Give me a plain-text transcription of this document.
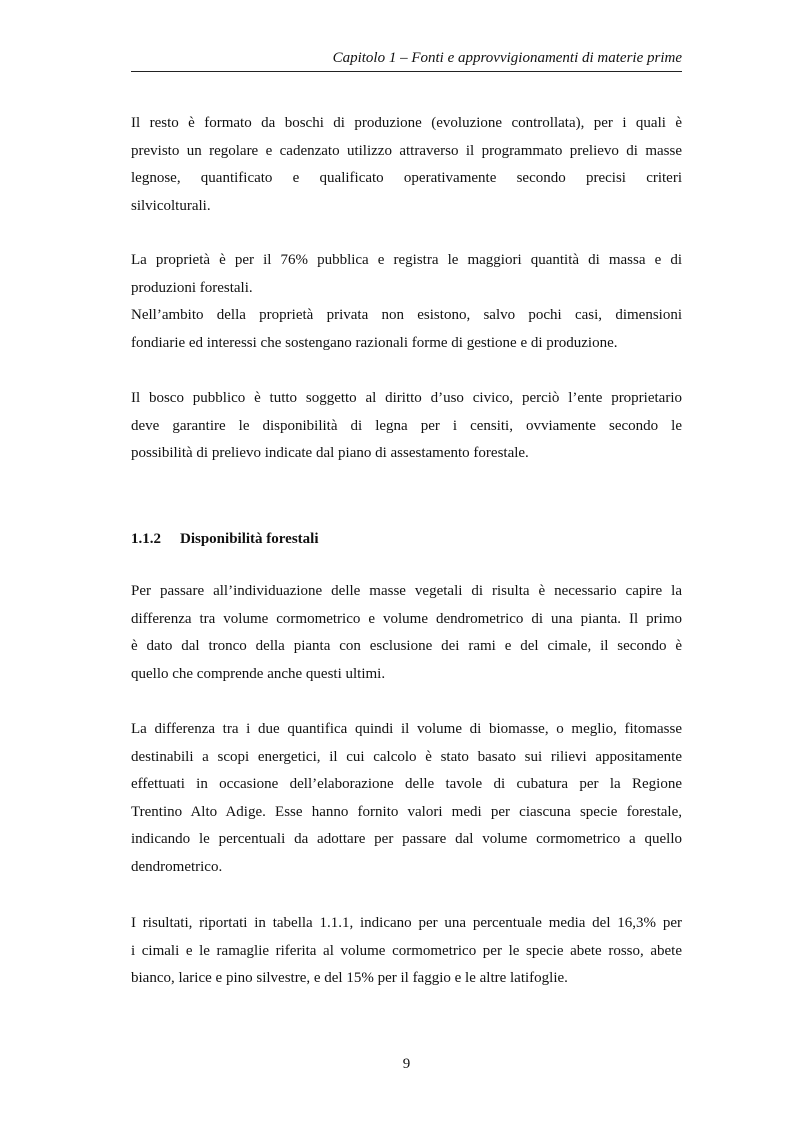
Capitolo 1 – Fonti e approvvigionamenti di materie prime

Il resto è formato da boschi di produzione (evoluzione controllata), per i quali è
previsto un regolare e cadenzato utilizzo attraverso il programmato prelievo di masse
legnose, quantificato e qualificato operativamente secondo precisi criteri
silvicolturali.

La proprietà è per il 76% pubblica e registra le maggiori quantità di massa e di
produzioni forestali.

Nell’ambito della proprietà privata non esistono, salvo pochi casi, dimensioni
fondiarie ed interessi che sostengano razionali forme di gestione e di produzione.

Il bosco pubblico è tutto soggetto al diritto d’uso civico, perciò l’ente proprietario
deve garantire le disponibilità di legna per i censiti, ovviamente secondo le
possibilità di prelievo indicate dal piano di assestamento forestale.

1.1.2 Disponibilità forestali

Per passare all’individuazione delle masse vegetali di risulta è necessario capire la
differenza tra volume cormometrico e volume dendrometrico di una pianta. Il primo
è dato dal tronco della pianta con esclusione dei rami e del cimale, il secondo è
quello che comprende anche questi ultimi.

La differenza tra i due quantifica quindi il volume di biomasse, o meglio, fitomasse
destinabili a scopi energetici, il cui calcolo è stato basato sui rilievi appositamente
effettuati in occasione dell’elaborazione delle tavole di cubatura per la Regione
Trentino Alto Adige. Esse hanno fornito valori medi per ciascuna specie forestale,
indicando le percentuali da adottare per passare dal volume cormometrico a quello
dendrometrico.

I risultati, riportati in tabella 1.1.1, indicano per una percentuale media del 16,3% per
i cimali e le ramaglie riferita al volume cormometrico per le specie abete rosso, abete
bianco, larice e pino silvestre, e del 15% per il faggio e le altre latifoglie.

9
